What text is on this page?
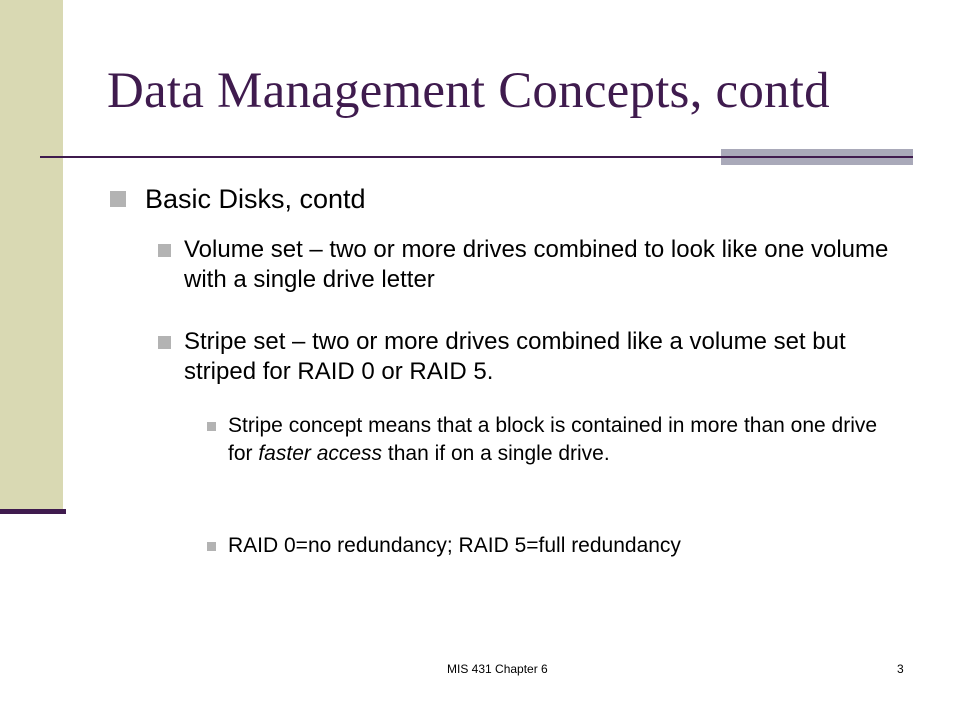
Data Management Concepts, contd
Basic Disks, contd
Volume set – two or more drives combined to look like one volume with a single drive letter
Stripe set – two or more drives combined like a volume set but striped for RAID 0 or RAID 5.
Stripe concept means that a block is contained in more than one drive for faster access than if on a single drive.
RAID 0=no redundancy; RAID 5=full redundancy
MIS 431 Chapter 6	3
